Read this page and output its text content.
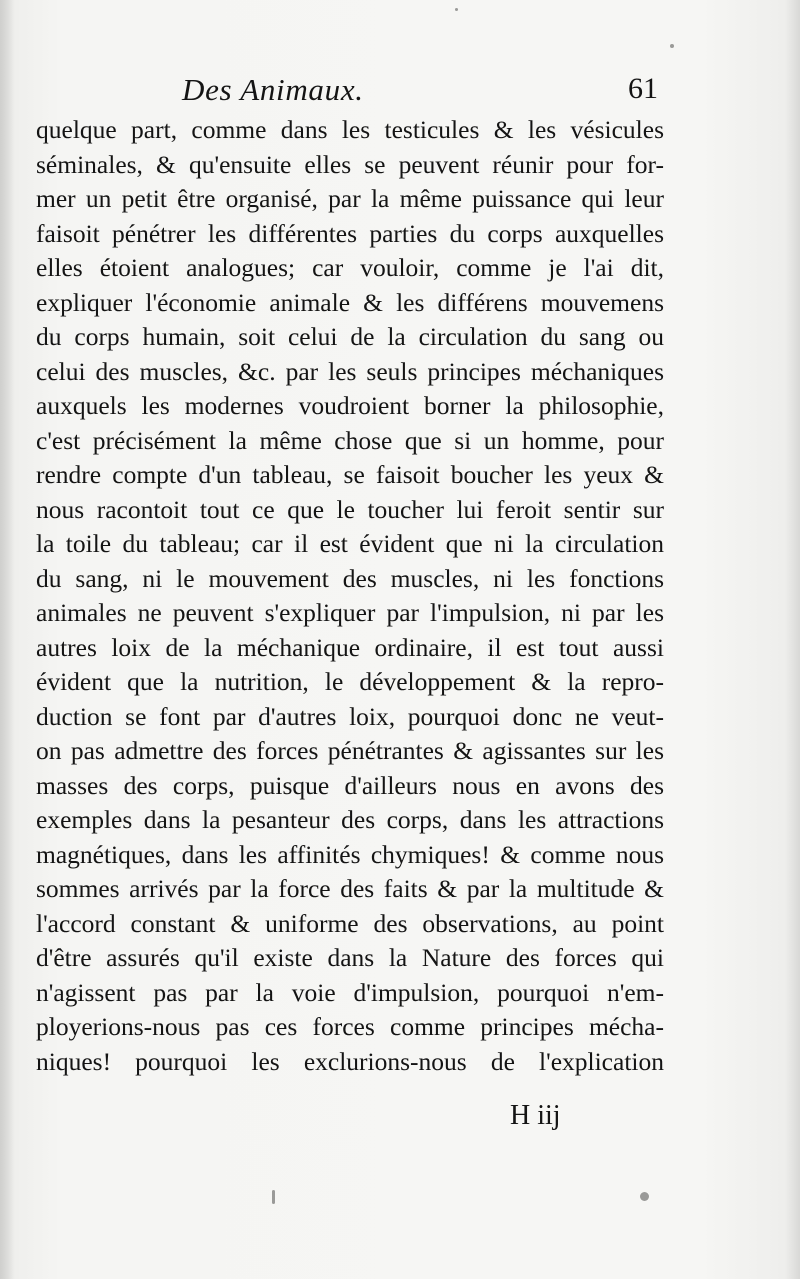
Des Animaux.	61
quelque part, comme dans les testicules & les vésicules
séminales, & qu'ensuite elles se peuvent réunir pour for-
mer un petit être organisé, par la même puissance qui leur
faisoit pénétrer les différentes parties du corps auxquelles
elles étoient analogues; car vouloir, comme je l'ai dit,
expliquer l'économie animale & les différens mouvemens
du corps humain, soit celui de la circulation du sang ou
celui des muscles, &c. par les seuls principes méchaniques
auxquels les modernes voudroient borner la philosophie,
c'est précisément la même chose que si un homme, pour
rendre compte d'un tableau, se faisoit boucher les yeux &
nous racontoit tout ce que le toucher lui feroit sentir sur
la toile du tableau; car il est évident que ni la circulation
du sang, ni le mouvement des muscles, ni les fonctions
animales ne peuvent s'expliquer par l'impulsion, ni par les
autres loix de la méchanique ordinaire, il est tout aussi
évident que la nutrition, le développement & la repro-
duction se font par d'autres loix, pourquoi donc ne veut-
on pas admettre des forces pénétrantes & agissantes sur les
masses des corps, puisque d'ailleurs nous en avons des
exemples dans la pesanteur des corps, dans les attractions
magnétiques, dans les affinités chymiques! & comme nous
sommes arrivés par la force des faits & par la multitude &
l'accord constant & uniforme des observations, au point
d'être assurés qu'il existe dans la Nature des forces qui
n'agissent pas par la voie d'impulsion, pourquoi n'em-
ployerions-nous pas ces forces comme principes mécha-
niques! pourquoi les exclurions-nous de l'explication
H iij
